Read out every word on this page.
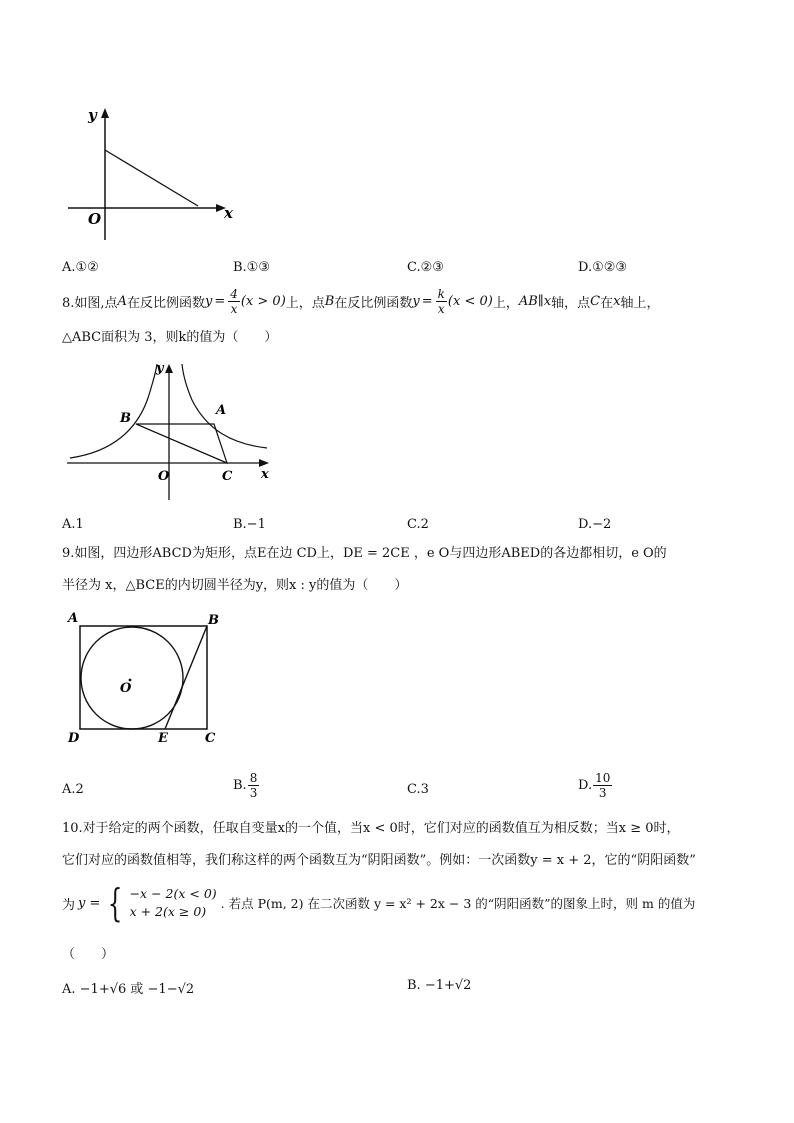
y
x
O
A.①②	B.①③	C.②③	D.①②③
8.如图,点 A 在反比例函数 $y = \frac{4}{x} (x > 0)$ 上，点 B 在反比例函数 $y = \frac{k}{x} (x < 0)$ 上， AB∥x 轴，点 C 在 x 轴上，
△ABC面积为 3，则k的值为（　　）
y
B
A
O	C x
A.1	B.−1	C.2	D.−2
9.如图，四边形ABCD为矩形，点E在边 CD上，DE = 2CE ，e O与四边形ABED的各边都相切，e O的
半径为 x，△BCE的内切圆半径为y，则x : y的值为（　　）
A	B
O
D	E	C
A.2	B. $\frac{8}{3}$	C.3	D. $\frac{10}{3}$
10.对于给定的两个函数，任取自变量x的一个值，当x < 0时，它们对应的函数值互为相反数；当x ≥ 0时，
它们对应的函数值相等，我们称这样的两个函数互为“阴阳函数”。例如：一次函数y = x + 2，它的“阴阳函数”
为 y = { −x − 2(x < 0)
x + 2(x ≥ 0)
. 若点 P(m, 2) 在二次函数 y = x² + 2x − 3 的“阴阳函数”的图象上时，则 m 的值为
（　　）
A. −1+√6 或 −1−√2	B. −1+√2
